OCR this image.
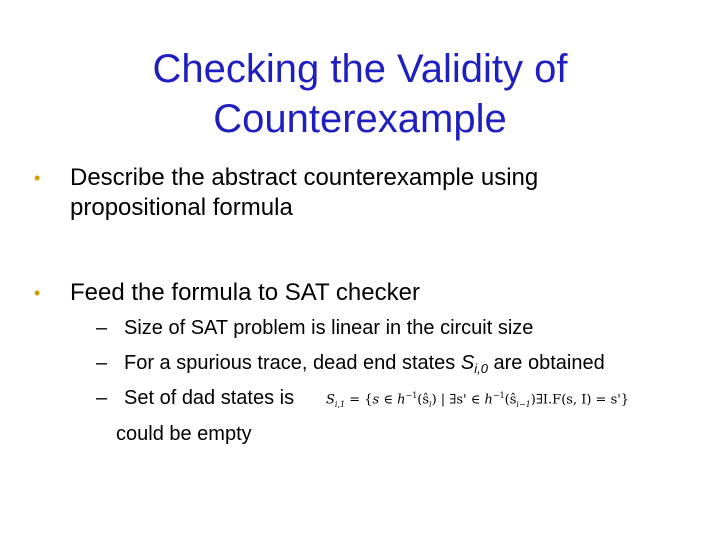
Checking the Validity of
Counterexample
• Describe the abstract counterexample using
propositional formula
• Feed the formula to SAT checker
– Size of SAT problem is linear in the circuit size
– For a spurious trace, dead end states $S_{i,0}$ are obtained
– Set of dad states is	$S_{i,1} = \{s$ ∈ $h^{-1}(ŝ_i)$ | ∃s' ∈ $h^{-1}(ŝ_{i-1})\exists I.F(s$, I) = s'}
could be empty
